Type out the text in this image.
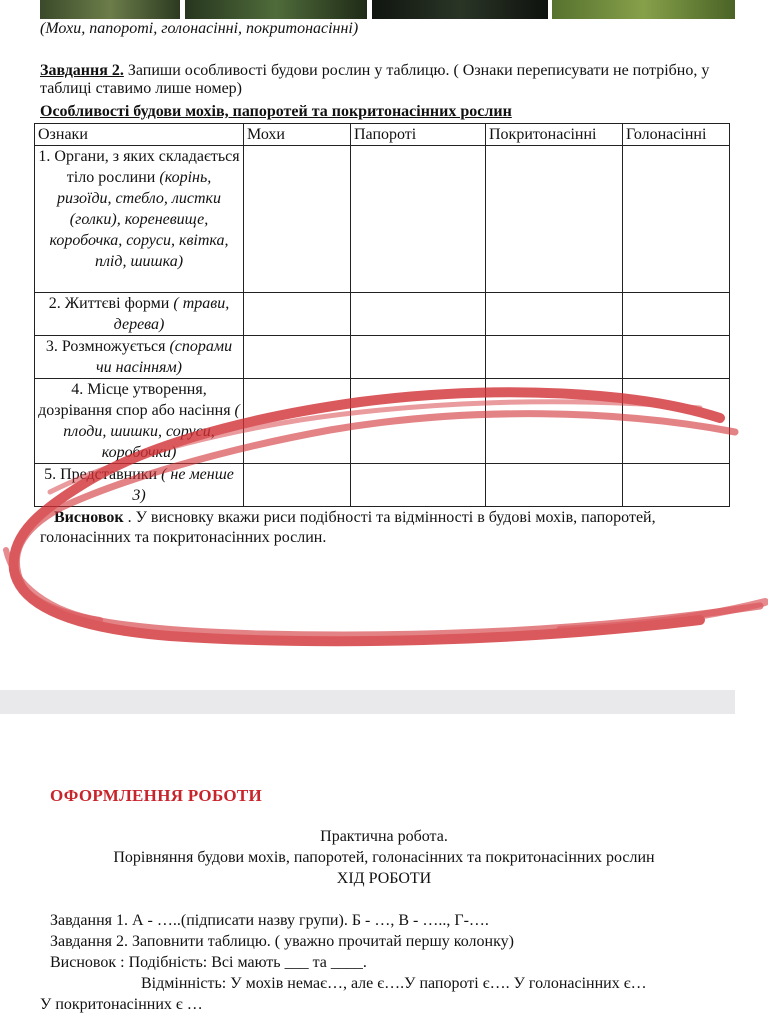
(Мохи, папороті, голонасінні, покритонасінні)
Завдання 2. Запиши особливості будови рослин у таблицю. ( Ознаки переписувати не потрібно, у таблиці ставимо лише номер)
Особливості будови мохів, папоротей та покритонасінних рослин
Ознаки	Мохи	Папороті	Покритонасінні	Голонасінні
1. Органи, з яких складається тіло рослини (корінь, ризоїди, стебло, листки (голки), кореневище, коробочка, соруси, квітка, плід, шишка)				
2. Життєві форми ( трави, дерева)				
3. Розмножується (спорами чи насінням)				
4. Місце утворення, дозрівання спор або насіння ( плоди, шишки, соруси, коробочки)				
5. Представники ( не менше 3)				
Висновок . У висновку вкажи риси подібності та відмінності в будові мохів, папоротей, голонасінних та покритонасінних рослин.
ОФОРМЛЕННЯ РОБОТИ
Практична робота.
Порівняння будови мохів, папоротей, голонасінних та покритонасінних рослин
ХІД РОБОТИ
Завдання 1. А - …..(підписати назву групи). Б - …, В - ….., Г-….
Завдання 2. Заповнити таблицю. ( уважно прочитай першу колонку)
Висновок : Подібність: Всі мають ___ та ____.
Відмінність: У мохів немає…, але є….У папороті є…. У голонасінних є…
У покритонасінних є …
